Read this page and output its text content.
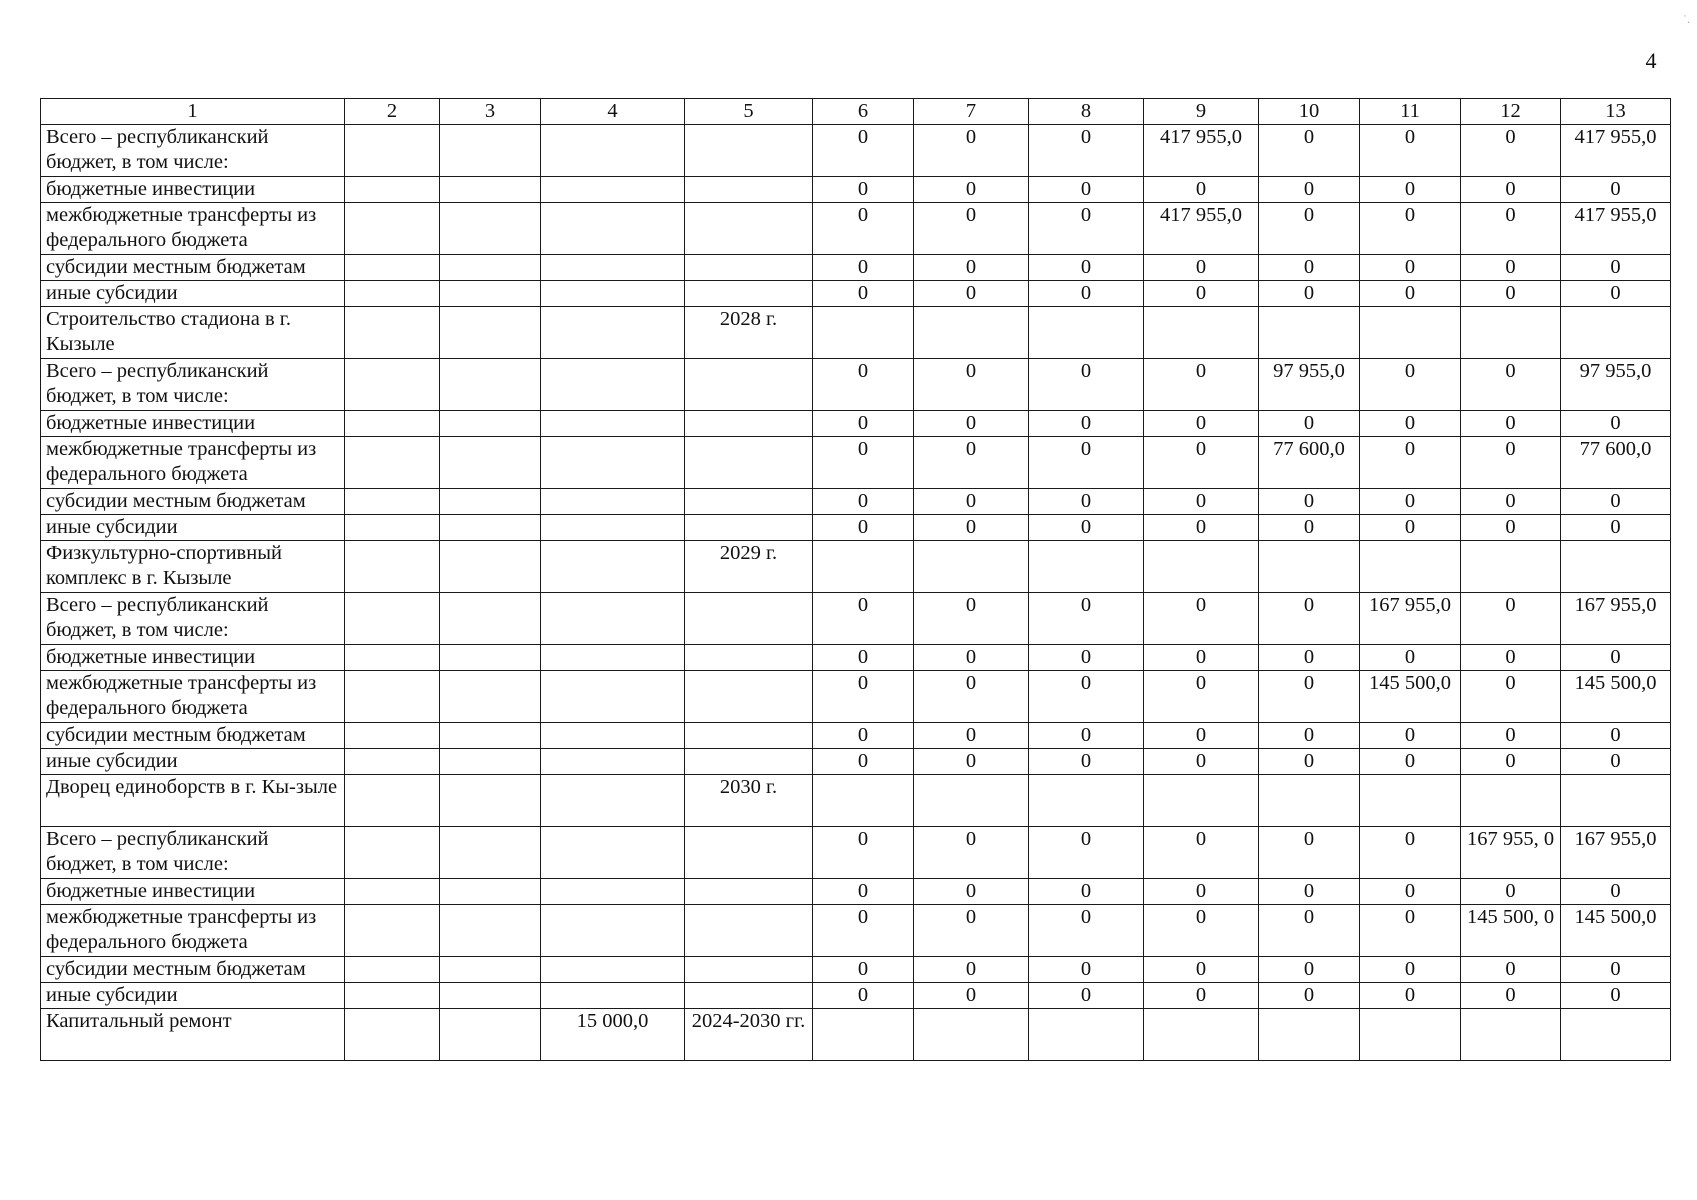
4
˙.
1	2	3	4	5	6	7	8	9	10	11	12	13
Всего – республиканский бюджет, в том числе:					0	0	0	417 955,0	0	0	0	417 955,0
бюджетные инвестиции					0	0	0	0	0	0	0	0
межбюджетные трансферты из федерального бюджета					0	0	0	417 955,0	0	0	0	417 955,0
субсидии местным бюджетам					0	0	0	0	0	0	0	0
иные субсидии					0	0	0	0	0	0	0	0
Строительство стадиона в г. Кызыле				2028 г.								
Всего – республиканский бюджет, в том числе:					0	0	0	0	97 955,0	0	0	97 955,0
бюджетные инвестиции					0	0	0	0	0	0	0	0
межбюджетные трансферты из федерального бюджета					0	0	0	0	77 600,0	0	0	77 600,0
субсидии местным бюджетам					0	0	0	0	0	0	0	0
иные субсидии					0	0	0	0	0	0	0	0
Физкультурно-спортивный комплекс в г. Кызыле				2029 г.								
Всего – республиканский бюджет, в том числе:					0	0	0	0	0	167 955,0	0	167 955,0
бюджетные инвестиции					0	0	0	0	0	0	0	0
межбюджетные трансферты из федерального бюджета					0	0	0	0	0	145 500,0	0	145 500,0
субсидии местным бюджетам					0	0	0	0	0	0	0	0
иные субсидии					0	0	0	0	0	0	0	0
Дворец единоборств в г. Кы-зыле				2030 г.								
Всего – республиканский бюджет, в том числе:					0	0	0	0	0	0	167 955, 0	167 955,0
бюджетные инвестиции					0	0	0	0	0	0	0	0
межбюджетные трансферты из федерального бюджета					0	0	0	0	0	0	145 500, 0	145 500,0
субсидии местным бюджетам					0	0	0	0	0	0	0	0
иные субсидии					0	0	0	0	0	0	0	0
Капитальный ремонт			15 000,0	2024-2030 гг.								
